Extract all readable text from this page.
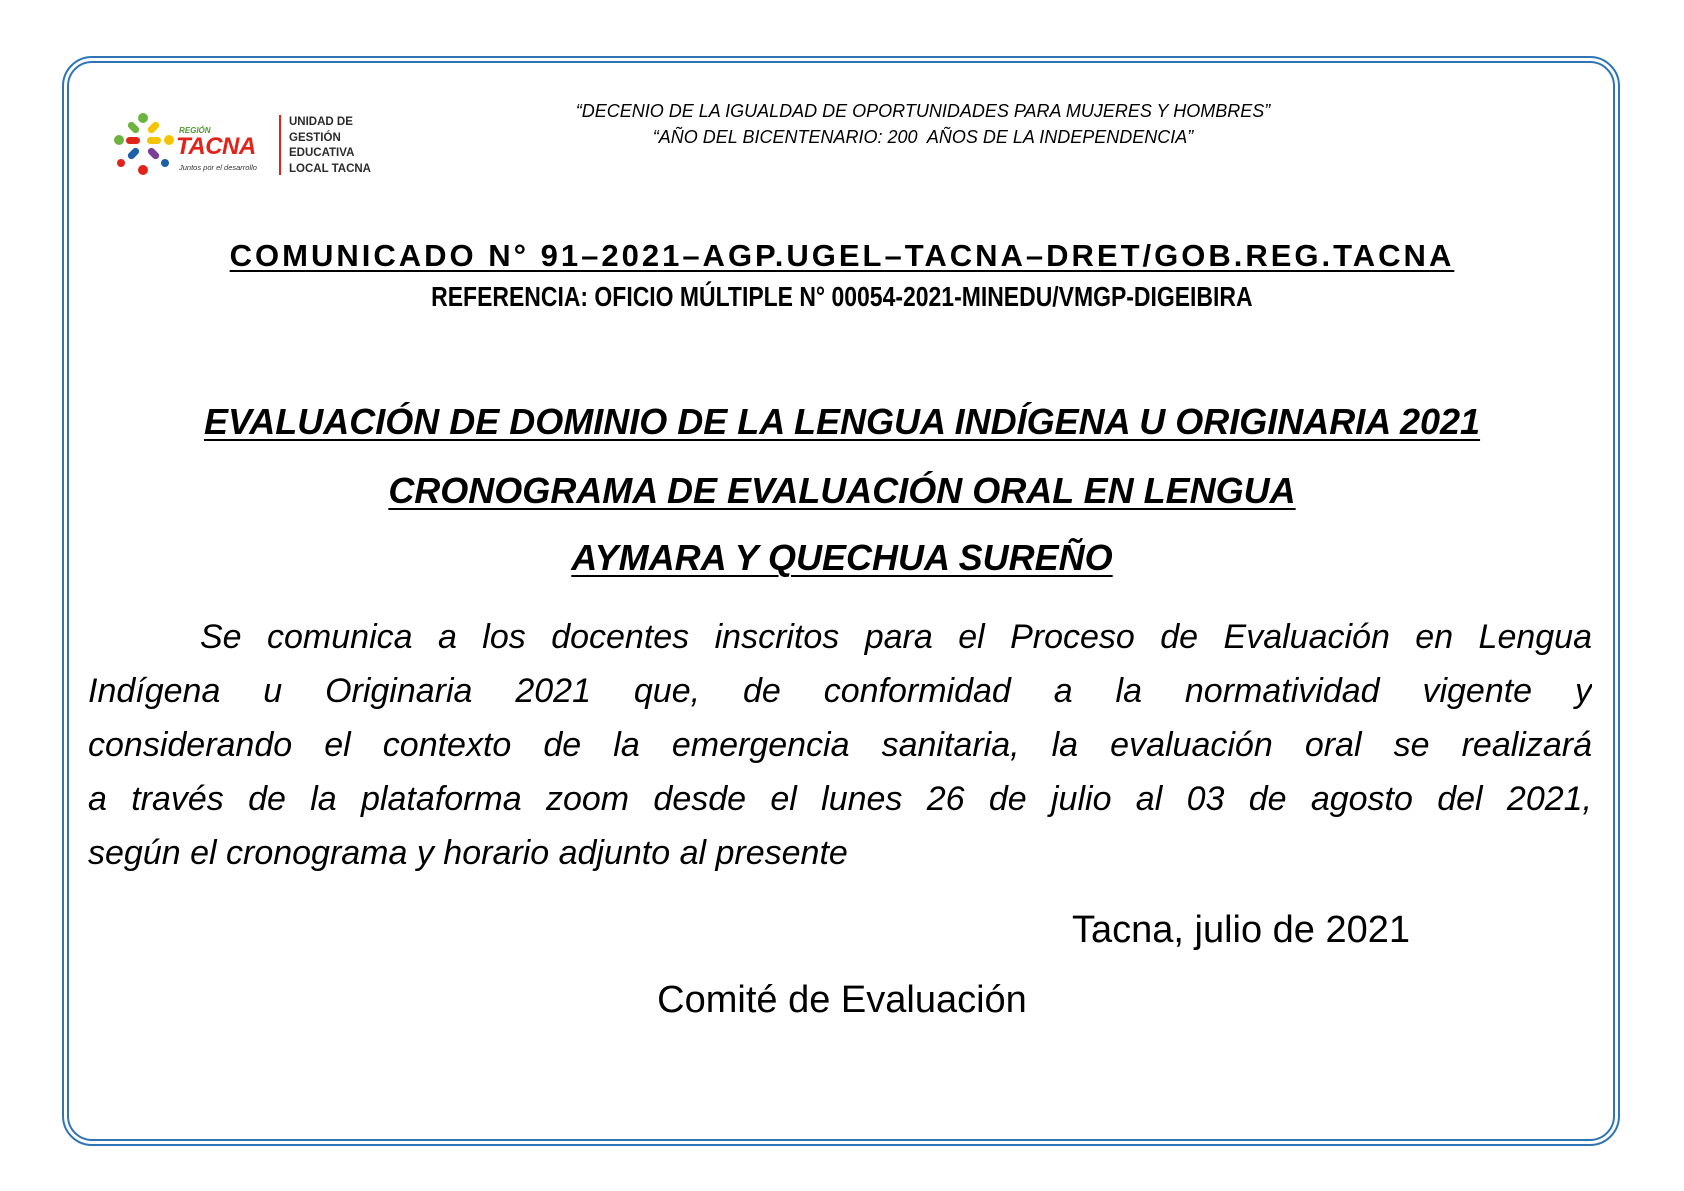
REGIÓN
TACNA
Juntos por el desarrollo
UNIDAD DE
GESTIÓN
EDUCATIVA
LOCAL TACNA
“DECENIO DE LA IGUALDAD DE OPORTUNIDADES PARA MUJERES Y HOMBRES”
“AÑO DEL BICENTENARIO: 200  AÑOS DE LA INDEPENDENCIA”
COMUNICADO N° 91–2021–AGP.UGEL–TACNA–DRET/GOB.REG.TACNA
REFERENCIA: OFICIO MÚLTIPLE N° 00054-2021-MINEDU/VMGP-DIGEIBIRA
EVALUACIÓN DE DOMINIO DE LA LENGUA INDÍGENA U ORIGINARIA 2021
CRONOGRAMA DE EVALUACIÓN ORAL EN LENGUA
AYMARA Y QUECHUA SUREÑO
Se comunica a los docentes inscritos para el Proceso de Evaluación en Lengua
Indígena u Originaria 2021 que, de conformidad a la normatividad vigente y
considerando el contexto de la emergencia sanitaria, la evaluación oral se realizará
a través de la plataforma zoom desde el lunes 26 de julio al 03 de agosto del 2021,
según el cronograma y horario adjunto al presente
Tacna, julio de 2021
Comité de Evaluación
